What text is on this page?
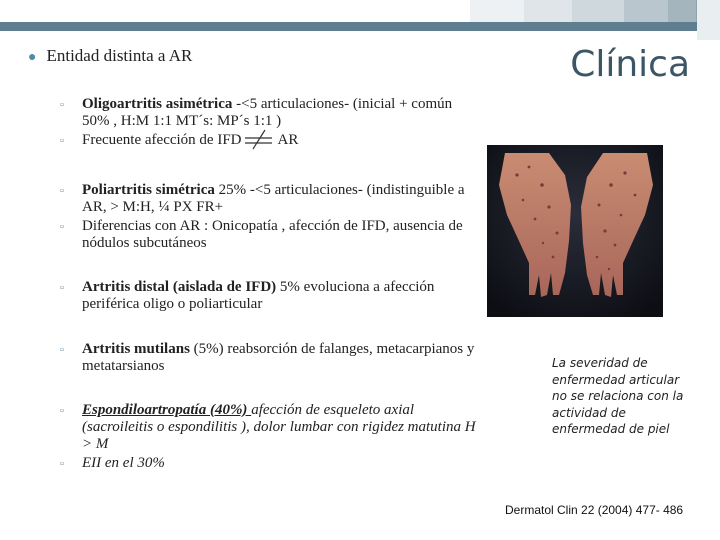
Clínica
● Entidad distinta a AR

▫ Oligoartritis asimétrica -<5 articulaciones- (inicial + común 50% , H:M 1:1 MT´s: MP´s 1:1 )

▫ Frecuente afección de IFD AR

▫ Poliartritis simétrica 25% -<5 articulaciones- (indistinguible a AR, > M:H, ¼ PX FR+

▫ Diferencias con AR : Onicopatía , afección de IFD, ausencia de nódulos subcutáneos

▫ Artritis distal (aislada de IFD) 5% evoluciona a afección periférica oligo o poliarticular

▫ Artritis mutilans (5%) reabsorción de falanges, metacarpianos y metatarsianos

▫ Espondiloartropatía (40%) afección de esqueleto axial (sacroileitis o espondilitis ), dolor lumbar con rigidez matutina H > M

▫ EII en el 30%

La severidad de enfermedad articular no se relaciona con la actividad de enfermedad de piel
Dermatol Clin 22 (2004) 477- 486
